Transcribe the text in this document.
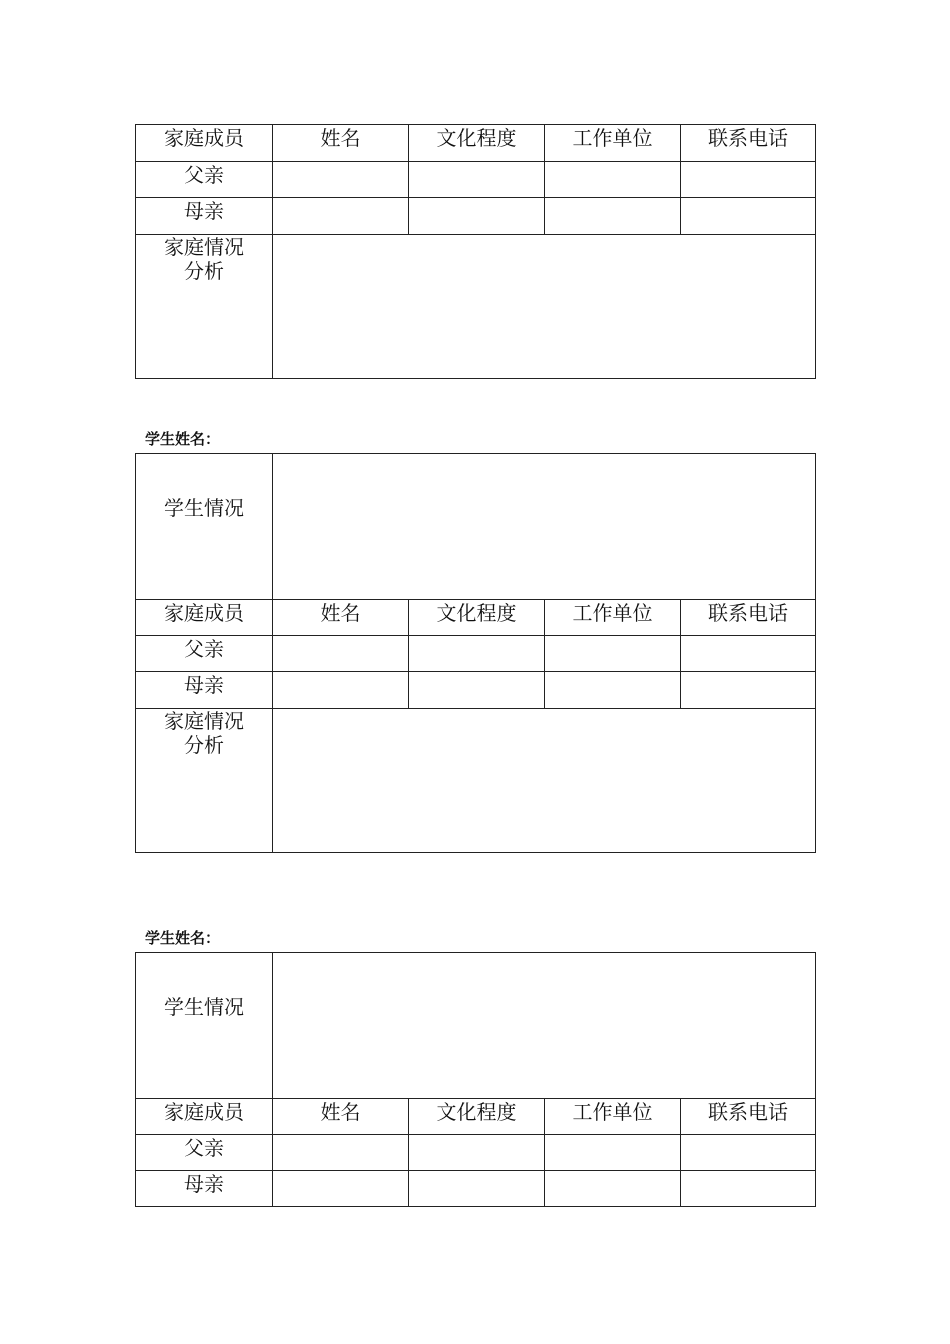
家庭成员	姓名	文化程度	工作单位	联系电话
父亲
母亲
家庭情况
分析
学生姓名：
学生情况
家庭成员	姓名	文化程度	工作单位	联系电话
父亲
母亲
家庭情况
分析
学生姓名：
学生情况
家庭成员	姓名	文化程度	工作单位	联系电话
父亲
母亲
